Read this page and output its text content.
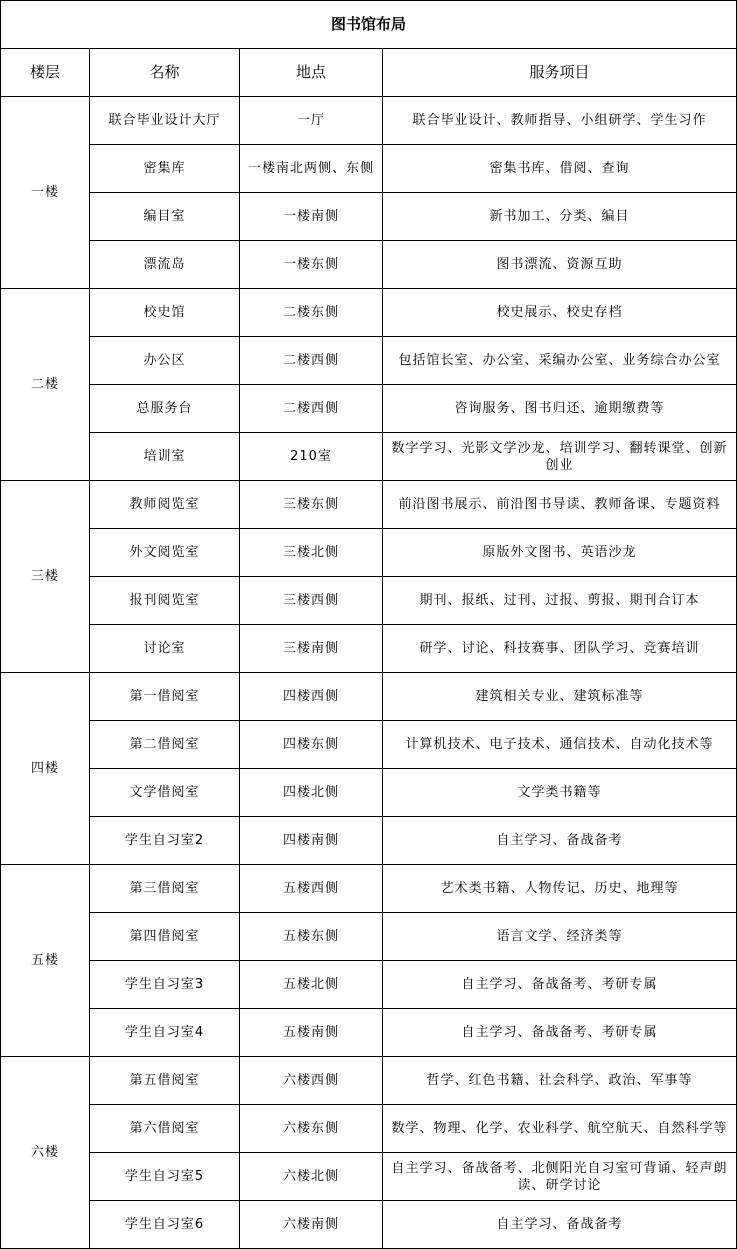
图书馆布局			
楼层	名称	地点	服务项目
一楼	联合毕业设计大厅	一厅	联合毕业设计、教师指导、小组研学、学生习作
	密集库	一楼南北两侧、东侧	密集书库、借阅、查询
	编目室	一楼南侧	新书加工、分类、编目
	漂流岛	一楼东侧	图书漂流、资源互助
二楼	校史馆	二楼东侧	校史展示、校史存档
	办公区	二楼西侧	包括馆长室、办公室、采编办公室、业务综合办公室
	总服务台	二楼西侧	咨询服务、图书归还、逾期缴费等
	培训室	210室	数字学习、光影文学沙龙、培训学习、翻转课堂、创新创业
三楼	教师阅览室	三楼东侧	前沿图书展示、前沿图书导读、教师备课、专题资料
	外文阅览室	三楼北侧	原版外文图书、英语沙龙
	报刊阅览室	三楼西侧	期刊、报纸、过刊、过报、剪报、期刊合订本
	讨论室	三楼南侧	研学、讨论、科技赛事、团队学习、竞赛培训
四楼	第一借阅室	四楼西侧	建筑相关专业、建筑标准等
	第二借阅室	四楼东侧	计算机技术、电子技术、通信技术、自动化技术等
	文学借阅室	四楼北侧	文学类书籍等
	学生自习室2	四楼南侧	自主学习、备战备考
五楼	第三借阅室	五楼西侧	艺术类书籍、人物传记、历史、地理等
	第四借阅室	五楼东侧	语言文学、经济类等
	学生自习室3	五楼北侧	自主学习、备战备考、考研专属
	学生自习室4	五楼南侧	自主学习、备战备考、考研专属
六楼	第五借阅室	六楼西侧	哲学、红色书籍、社会科学、政治、军事等
	第六借阅室	六楼东侧	数学、物理、化学、农业科学、航空航天、自然科学等
	学生自习室5	六楼北侧	自主学习、备战备考、北侧阳光自习室可背诵、轻声朗读、研学讨论
	学生自习室6	六楼南侧	自主学习、备战备考
